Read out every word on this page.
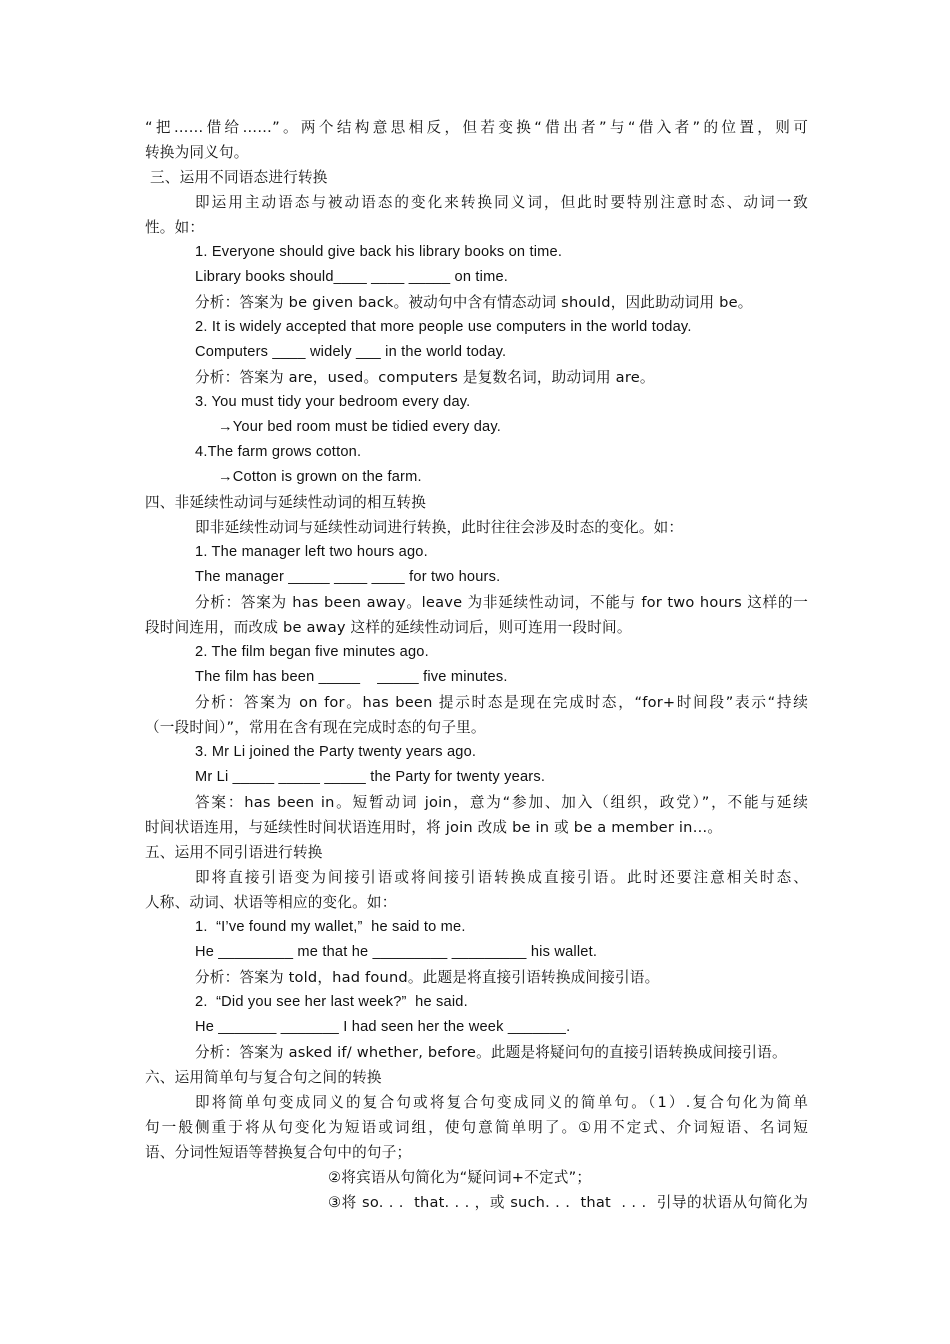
“把……借给……”。两个结构意思相反，但若变换“借出者”与“借入者”的位置，则可
转换为同义句。
三、运用不同语态进行转换
即运用主动语态与被动语态的变化来转换同义词，但此时要特别注意时态、动词一致
性。如：
1. Everyone should give back his library books on time.
Library books should____ ____ _____ on time.
分析：答案为 be given back。被动句中含有情态动词 should，因此助动词用 be。
2. It is widely accepted that more people use computers in the world today.
Computers ____ widely ___ in the world today.
分析：答案为 are，used。computers 是复数名词，助动词用 are。
3. You must tidy your bedroom every day.
→Your bed room must be tidied every day.
4.The farm grows cotton.
→Cotton is grown on the farm.
四、非延续性动词与延续性动词的相互转换
即非延续性动词与延续性动词进行转换，此时往往会涉及时态的变化。如：
1. The manager left two hours ago.
The manager _____ ____ ____ for two hours.
分析：答案为 has been away。leave 为非延续性动词，不能与 for two hours 这样的一
段时间连用，而改成 be away 这样的延续性动词后，则可连用一段时间。
2. The film began five minutes ago.
The film has been _____    _____ five minutes.
分析：答案为 on for。has been 提示时态是现在完成时态，“for+时间段”表示“持续
（一段时间）”，常用在含有现在完成时态的句子里。
3. Mr Li joined the Party twenty years ago.
Mr Li _____ _____ _____ the Party for twenty years.
答案：has been in。短暂动词 join，意为“参加、加入（组织，政党）”，不能与延续
时间状语连用，与延续性时间状语连用时，将 join 改成 be in 或 be a member in…。
五、运用不同引语进行转换
即将直接引语变为间接引语或将间接引语转换成直接引语。此时还要注意相关时态、
人称、动词、状语等相应的变化。如：
1.  “I’ve found my wallet,”  he said to me.
He _________ me that he _________ _________ his wallet.
分析：答案为 told，had found。此题是将直接引语转换成间接引语。
2.  “Did you see her last week?”  he said.
He _______ _______ I had seen her the week _______.
分析：答案为 asked if/ whether, before。此题是将疑问句的直接引语转换成间接引语。
六、运用简单句与复合句之间的转换
即将简单句变成同义的复合句或将复合句变成同义的简单句。（1）.复合句化为简单
句一般侧重于将从句变化为短语或词组，使句意简单明了。①用不定式、介词短语、名词短
语、分词性短语等替换复合句中的句子；
②将宾语从句简化为“疑问词+不定式”；
③将 so. . .  that. . . ，或 such. . .  that  . . .  引导的状语从句简化为
